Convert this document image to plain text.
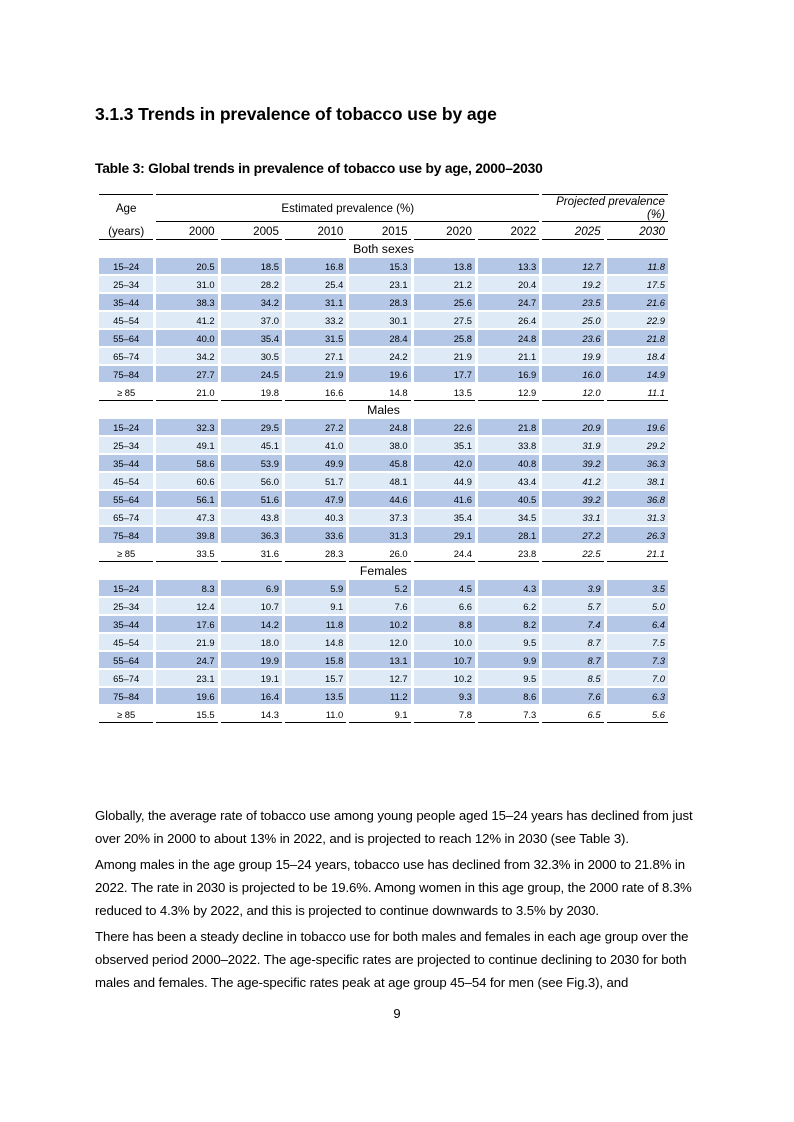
3.1.3 Trends in prevalence of tobacco use by age
Table 3: Global trends in prevalence of tobacco use by age, 2000–2030
Age	Estimated prevalence (%)						Projected prevalence (%)	
(years)	2000	2005	2010	2015	2020	2022	2025	2030
Both sexes								
15–24	20.5	18.5	16.8	15.3	13.8	13.3	12.7	11.8
25–34	31.0	28.2	25.4	23.1	21.2	20.4	19.2	17.5
35–44	38.3	34.2	31.1	28.3	25.6	24.7	23.5	21.6
45–54	41.2	37.0	33.2	30.1	27.5	26.4	25.0	22.9
55–64	40.0	35.4	31.5	28.4	25.8	24.8	23.6	21.8
65–74	34.2	30.5	27.1	24.2	21.9	21.1	19.9	18.4
75–84	27.7	24.5	21.9	19.6	17.7	16.9	16.0	14.9
≥ 85	21.0	19.8	16.6	14.8	13.5	12.9	12.0	11.1
Males								
15–24	32.3	29.5	27.2	24.8	22.6	21.8	20.9	19.6
25–34	49.1	45.1	41.0	38.0	35.1	33.8	31.9	29.2
35–44	58.6	53.9	49.9	45.8	42.0	40.8	39.2	36.3
45–54	60.6	56.0	51.7	48.1	44.9	43.4	41.2	38.1
55–64	56.1	51.6	47.9	44.6	41.6	40.5	39.2	36.8
65–74	47.3	43.8	40.3	37.3	35.4	34.5	33.1	31.3
75–84	39.8	36.3	33.6	31.3	29.1	28.1	27.2	26.3
≥ 85	33.5	31.6	28.3	26.0	24.4	23.8	22.5	21.1
Females								
15–24	8.3	6.9	5.9	5.2	4.5	4.3	3.9	3.5
25–34	12.4	10.7	9.1	7.6	6.6	6.2	5.7	5.0
35–44	17.6	14.2	11.8	10.2	8.8	8.2	7.4	6.4
45–54	21.9	18.0	14.8	12.0	10.0	9.5	8.7	7.5
55–64	24.7	19.9	15.8	13.1	10.7	9.9	8.7	7.3
65–74	23.1	19.1	15.7	12.7	10.2	9.5	8.5	7.0
75–84	19.6	16.4	13.5	11.2	9.3	8.6	7.6	6.3
≥ 85	15.5	14.3	11.0	9.1	7.8	7.3	6.5	5.6

Globally, the average rate of tobacco use among young people aged 15–24 years has declined from just over 20% in 2000 to about 13% in 2022, and is projected to reach 12% in 2030 (see Table 3).

Among males in the age group 15–24 years, tobacco use has declined from 32.3% in 2000 to 21.8% in 2022. The rate in 2030 is projected to be 19.6%. Among women in this age group, the 2000 rate of 8.3% reduced to 4.3% by 2022, and this is projected to continue downwards to 3.5% by 2030.

There has been a steady decline in tobacco use for both males and females in each age group over the observed period 2000–2022. The age-specific rates are projected to continue declining to 2030 for both males and females. The age-specific rates peak at age group 45–54 for men (see Fig.3), and

9
